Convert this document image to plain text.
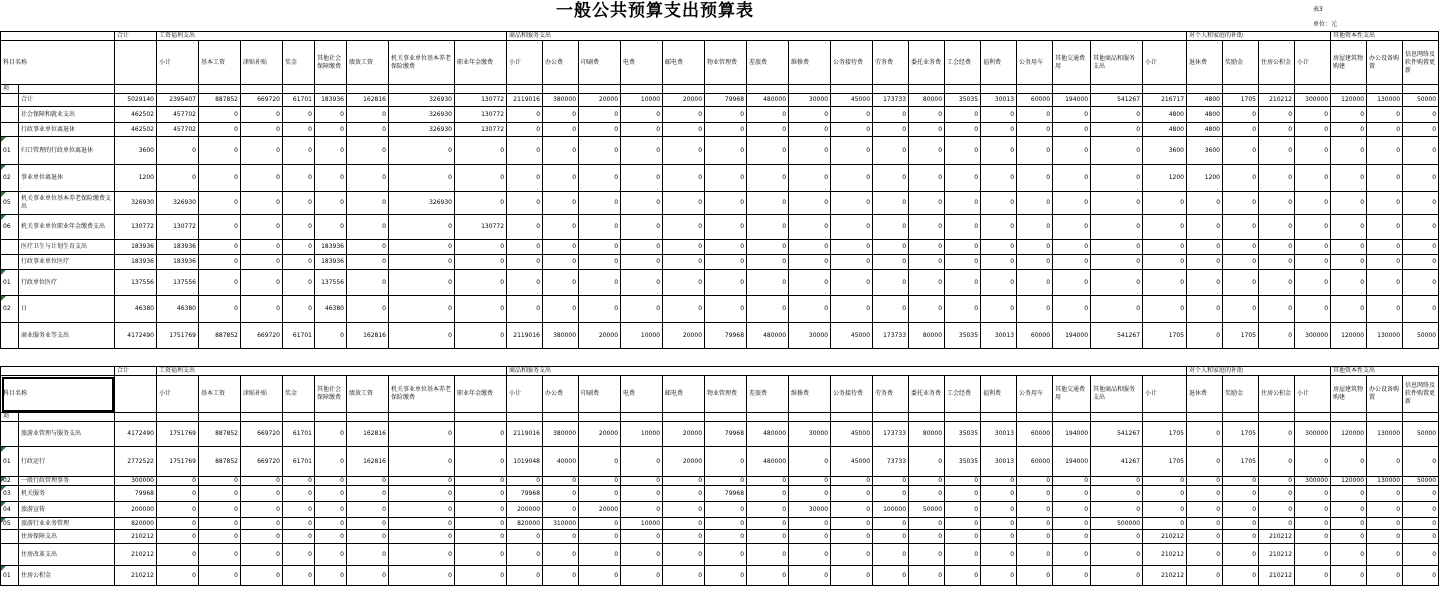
一般公共预算支出预算表	表3
单位：元
		合计	工资福利支出								商品和服务支出																	对个人和家庭的补助				其他资本性支出		
科目名称			小计	基本工资	津贴补贴	奖金	其他社会保障缴费	绩效工资	机关事业单位基本养老保险缴费	职业年金缴费	小计	办公费	印刷费	电费	邮电费	物业管理费	差旅费	维修费	公务接待费	劳务费	委托业务费	工会经费	福利费	公务用车	其他交通费用	其他商品和服务支出	小计	退休费	奖励金	住房公积金	小计	房屋建筑物购建	办公设备购置	信息网络及软件购置更新
项																																		
	合计	5029140	2395407	887852	669720	61701	183936	162816	326930	130772	2119016	380000	20000	10000	20000	79968	480000	30000	45000	173733	80000	35035	30013	60000	194000	541267	216717	4800	1705	210212	300000	120000	130000	50000
	社会保障和就业支出	462502	457702	0	0	0	0	0	326930	130772	0	0	0	0	0	0	0	0	0	0	0	0	0	0	0	0	4800	4800	0	0	0	0	0	0
	行政事业单位离退休	462502	457702	0	0	0	0	0	326930	130772	0	0	0	0	0	0	0	0	0	0	0	0	0	0	0	0	4800	4800	0	0	0	0	0	0
01	归口管理的行政单位离退休	3600	0	0	0	0	0	0	0	0	0	0	0	0	0	0	0	0	0	0	0	0	0	0	0	0	3600	3600	0	0	0	0	0	0
02	事业单位离退休	1200	0	0	0	0	0	0	0	0	0	0	0	0	0	0	0	0	0	0	0	0	0	0	0	0	1200	1200	0	0	0	0	0	0
05	机关事业单位基本养老保险缴费支出	326930	326930	0	0	0	0	0	326930	0	0	0	0	0	0	0	0	0	0	0	0	0	0	0	0	0	0	0	0	0	0	0	0	0
06	机关事业单位职业年金缴费支出	130772	130772	0	0	0	0	0	0	130772	0	0	0	0	0	0	0	0	0	0	0	0	0	0	0	0	0	0	0	0	0	0	0	0
	医疗卫生与计划生育支出	183936	183936	0	0	0	183936	0	0	0	0	0	0	0	0	0	0	0	0	0	0	0	0	0	0	0	0	0	0	0	0	0	0	0
	行政事业单位医疗	183936	183936	0	0	0	183936	0	0	0	0	0	0	0	0	0	0	0	0	0	0	0	0	0	0	0	0	0	0	0	0	0	0	0
01	行政单位医疗	137556	137556	0	0	0	137556	0	0	0	0	0	0	0	0	0	0	0	0	0	0	0	0	0	0	0	0	0	0	0	0	0	0	0
02	日	46380	46380	0	0	0	46380	0	0	0	0	0	0	0	0	0	0	0	0	0	0	0	0	0	0	0	0	0	0	0	0	0	0	0
	商业服务业等支出	4172490	1751769	887852	669720	61701	0	162816	0	0	2119016	380000	20000	10000	20000	79968	480000	30000	45000	173733	80000	35035	30013	60000	194000	541267	1705	0	1705	0	300000	120000	130000	50000
		合计	工资福利支出								商品和服务支出																	对个人和家庭的补助				其他资本性支出		
科目名称			小计	基本工资	津贴补贴	奖金	其他社会保障缴费	绩效工资	机关事业单位基本养老保险缴费	职业年金缴费	小计	办公费	印刷费	电费	邮电费	物业管理费	差旅费	维修费	公务接待费	劳务费	委托业务费	工会经费	福利费	公务用车	其他交通费用	其他商品和服务支出	小计	退休费	奖励金	住房公积金	小计	房屋建筑物购建	办公设备购置	信息网络及软件购置更新
项																																		
	旅游业管理与服务支出	4172490	1751769	887852	669720	61701	0	162816	0	0	2119016	380000	20000	10000	20000	79968	480000	30000	45000	173733	80000	35035	30013	60000	194000	541267	1705	0	1705	0	300000	120000	130000	50000
01	行政运行	2772522	1751769	887852	669720	61701	0	162816	0	0	1019048	40000	0	0	20000	0	480000	0	45000	73733	0	35035	30013	60000	194000	41267	1705	0	1705	0	0	0	0	0
02	一般行政管理事务	300000	0	0	0	0	0	0	0	0	0	0	0	0	0	0	0	0	0	0	0	0	0	0	0	0	0	0	0	0	300000	120000	130000	50000
03	机关服务	79968	0	0	0	0	0	0	0	0	79968	0	0	0	0	79968	0	0	0	0	0	0	0	0	0	0	0	0	0	0	0	0	0	0
04	旅游宣传	200000	0	0	0	0	0	0	0	0	200000	0	20000	0	0	0	0	30000	0	100000	50000	0	0	0	0	0	0	0	0	0	0	0	0	0
05	旅游行业业务管理	820000	0	0	0	0	0	0	0	0	820000	310000	0	10000	0	0	0	0	0	0	0	0	0	0	0	500000	0	0	0	0	0	0	0	0
	住房保障支出	210212	0	0	0	0	0	0	0	0	0	0	0	0	0	0	0	0	0	0	0	0	0	0	0	0	210212	0	0	210212	0	0	0	0
	住房改革支出	210212	0	0	0	0	0	0	0	0	0	0	0	0	0	0	0	0	0	0	0	0	0	0	0	0	210212	0	0	210212	0	0	0	0
01	住房公积金	210212	0	0	0	0	0	0	0	0	0	0	0	0	0	0	0	0	0	0	0	0	0	0	0	0	210212	0	0	210212	0	0	0	0
